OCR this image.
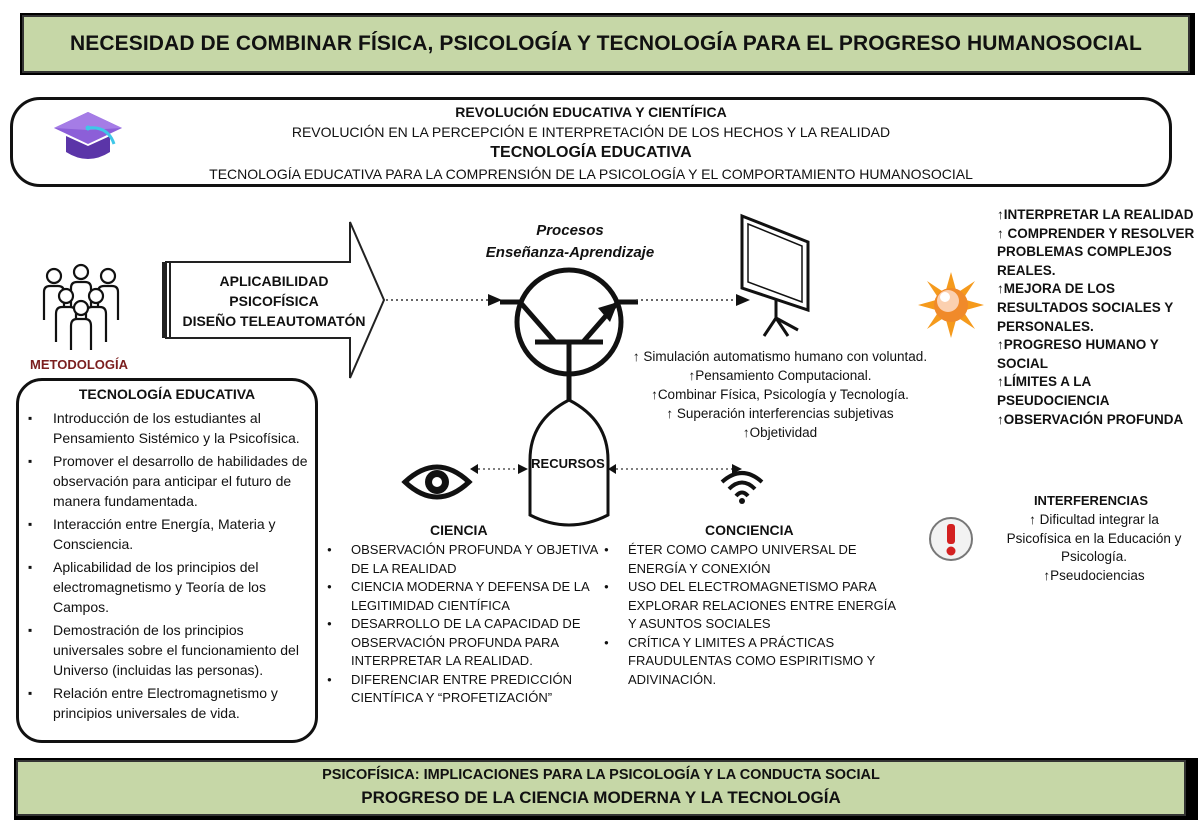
NECESIDAD DE COMBINAR FÍSICA, PSICOLOGÍA Y TECNOLOGÍA PARA EL PROGRESO HUMANOSOCIAL
REVOLUCIÓN EDUCATIVA Y CIENTÍFICA
REVOLUCIÓN EN LA PERCEPCIÓN E INTERPRETACIÓN DE LOS HECHOS Y LA REALIDAD
TECNOLOGÍA EDUCATIVA
TECNOLOGÍA EDUCATIVA PARA LA COMPRENSIÓN DE LA PSICOLOGÍA Y EL COMPORTAMIENTO HUMANOSOCIAL
METODOLOGÍA
APLICABILIDAD
PSICOFÍSICA
DISEÑO TELEAUTOMATÓN
Procesos
Enseñanza-Aprendizaje
RECURSOS
↑ Simulación automatismo humano con voluntad.
↑Pensamiento Computacional.
↑Combinar Física, Psicología y Tecnología.
↑ Superación interferencias subjetivas
↑Objetividad
CIENCIA
● OBSERVACIÓN PROFUNDA Y OBJETIVA DE LA REALIDAD
● CIENCIA MODERNA Y DEFENSA DE LA LEGITIMIDAD CIENTÍFICA
● DESARROLLO DE LA CAPACIDAD DE OBSERVACIÓN PROFUNDA PARA INTERPRETAR LA REALIDAD.
● DIFERENCIAR ENTRE PREDICCIÓN CIENTÍFICA Y “PROFETIZACIÓN”
CONCIENCIA
● ÉTER COMO CAMPO UNIVERSAL DE ENERGÍA Y CONEXIÓN
● USO DEL ELECTROMAGNETISMO PARA EXPLORAR RELACIONES ENTRE ENERGÍA Y ASUNTOS SOCIALES
● CRÍTICA Y LIMITES A PRÁCTICAS FRAUDULENTAS COMO ESPIRITISMO Y ADIVINACIÓN.
TECNOLOGÍA EDUCATIVA
▪ Introducción de los estudiantes al Pensamiento Sistémico y la Psicofísica.
▪ Promover el desarrollo de habilidades de observación para anticipar el futuro de manera fundamentada.
▪ Interacción entre Energía, Materia y Consciencia.
▪ Aplicabilidad de los principios del electromagnetismo y Teoría de los Campos.
▪ Demostración de los principios universales sobre el funcionamiento del Universo (incluidas las personas).
▪ Relación entre Electromagnetismo y principios universales de vida.
↑INTERPRETAR LA REALIDAD
↑ COMPRENDER Y RESOLVER PROBLEMAS COMPLEJOS REALES.
↑MEJORA DE LOS RESULTADOS SOCIALES Y PERSONALES.
↑PROGRESO HUMANO Y SOCIAL
↑LÍMITES A LA PSEUDOCIENCIA
↑OBSERVACIÓN PROFUNDA
INTERFERENCIAS
↑ Dificultad integrar la Psicofísica en la Educación y Psicología.
↑Pseudociencias
PSICOFÍSICA: IMPLICACIONES PARA LA PSICOLOGÍA Y LA CONDUCTA SOCIAL
PROGRESO DE LA CIENCIA MODERNA Y LA TECNOLOGÍA
